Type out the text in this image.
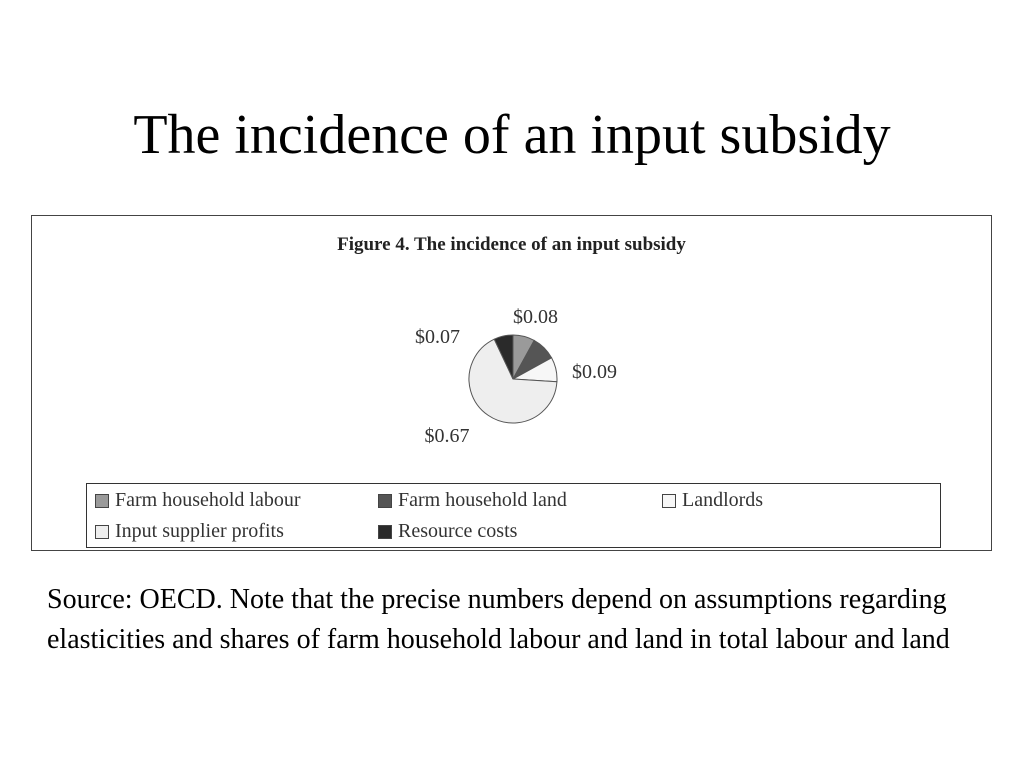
The incidence of an input subsidy
Figure 4. The incidence of an input subsidy
$0.08
$0.09
$0.67
$0.07
Farm household labour	Farm household land	Landlords
Input supplier profits	Resource costs

Source: OECD. Note that the precise numbers depend on assumptions regarding elasticities and shares of farm household labour and land in total labour and land
